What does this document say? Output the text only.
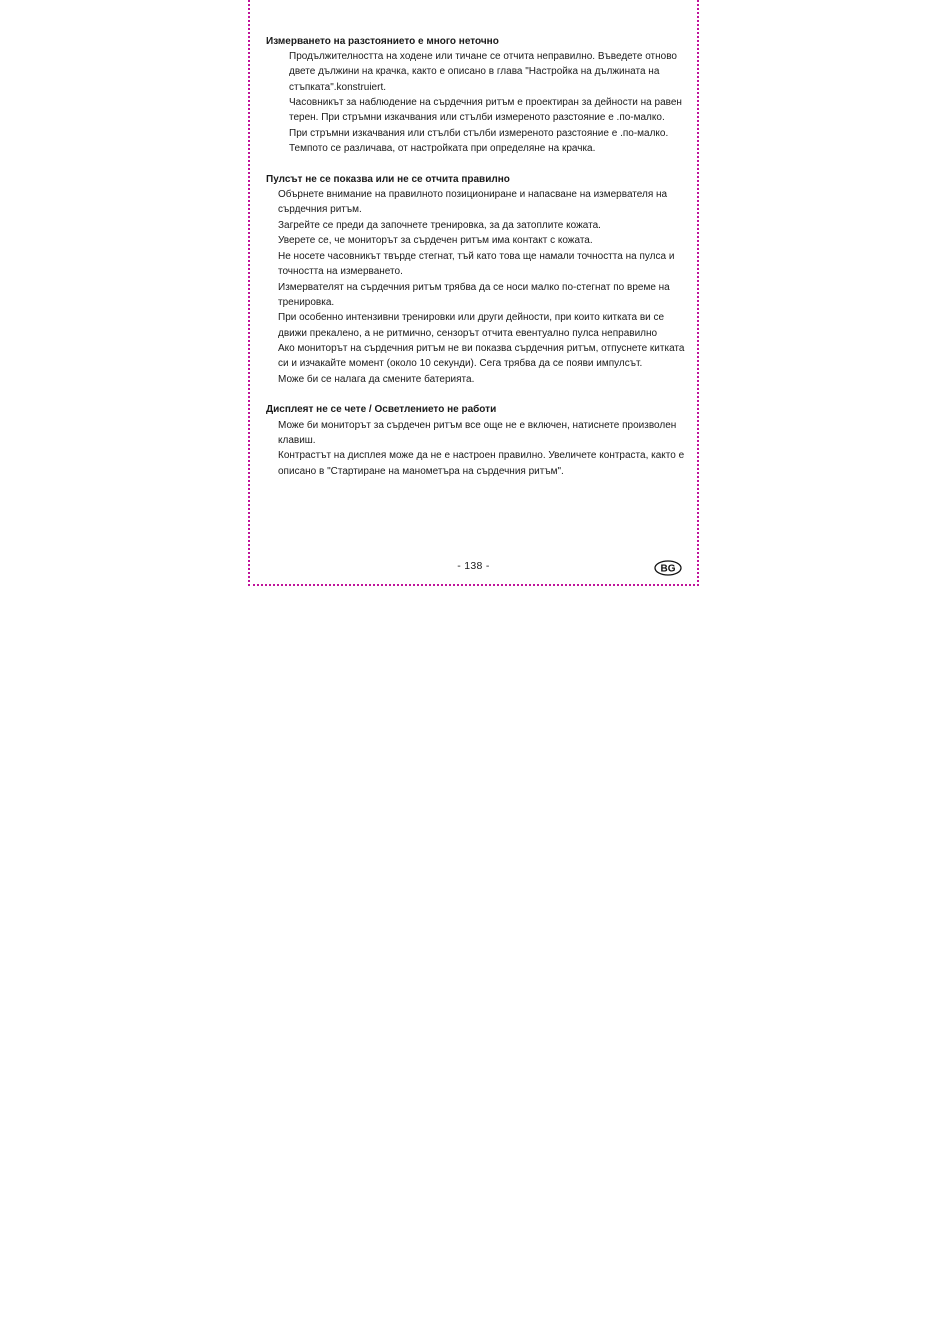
Измерването на разстоянието е много неточно

Продължителността на ходене или тичане се отчита неправилно. Въведете отново двете дължини на крачка, както е описано в глава "Настройка на дължината на стъпката".konstruiert.

Часовникът за наблюдение на сърдечния ритъм е проектиран за дейности на равен терен. При стръмни изкачвания или стълби измереното разстояние е .по-малко.

При стръмни изкачвания или стълби стълби измереното разстояние е .по-малко. Темпото се различава, от настройката при определяне на крачка.

Пулсът не се показва или не се отчита правилно

Обърнете внимание на правилното позициониране и напасване на измервателя на сърдечния ритъм.

Загрейте се преди да започнете тренировка, за да затоплите кожата.

Уверете се, че мониторът за сърдечен ритъм има контакт с кожата.

Не носете часовникът твърде стегнат, тъй като това ще намали точността на пулса и точността на измерването.

Измервателят на сърдечния ритъм трябва да се носи малко по-стегнат по време на тренировка.

При особенно интензивни тренировки или други дейности, при които китката ви се движи прекалено, а не ритмично, сензорът отчита евентуално пулса неправилно

Ако мониторът на сърдечния ритъм не ви показва сърдечния ритъм, отпуснете китката си и изчакайте момент (около 10 секунди). Сега трябва да се появи импулсът.

Може би се налага да смените батерията.

Дисплеят не се чете / Осветлението не работи

Може би мониторът за сърдечен ритъм все още не е включен, натиснете произволен клавиш.

Контрастът на дисплея може да не е настроен правилно. Увеличете контраста, както е описано в "Стартиране на манометъра на сърдечния ритъм".

- 138 -	BG
